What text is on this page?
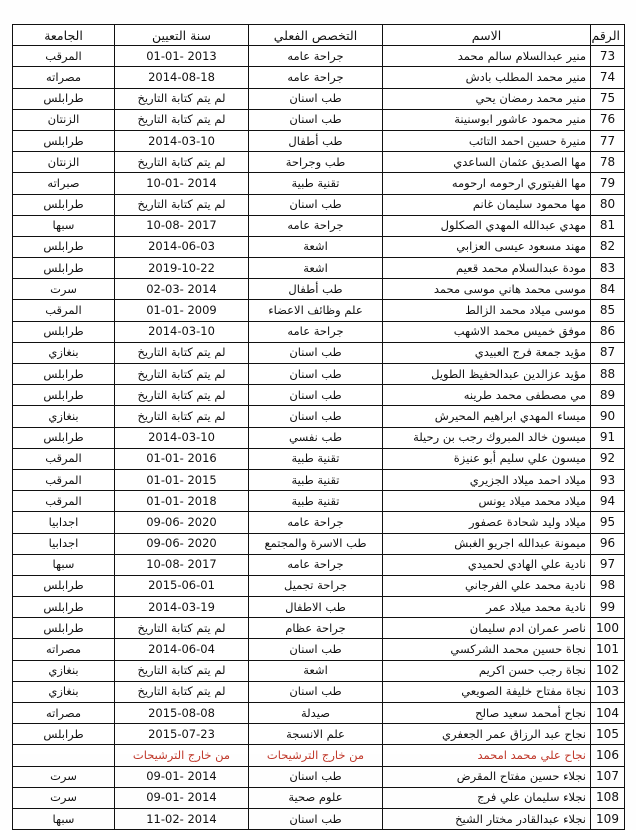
الرقم	الاسم	التخصص الفعلي	سنة التعيين	الجامعة
73	منير عبدالسلام سالم محمد	جراحة عامه	2013 -01-01	المرقب
74	منير محمد المطلب بادش	جراحة عامه	2014-08-18	مصراته
75	منير محمد رمضان يحي	طب اسنان	لم يتم كتابة التاريخ	طرابلس
76	منير محمود عاشور ابوسنينة	طب اسنان	لم يتم كتابة التاريخ	الزنتان
77	منيرة حسين احمد التائب	طب أطفال	2014-03-10	طرابلس
78	مها الصديق عثمان الساعدي	طب وجراحة	لم يتم كتابة التاريخ	الزنتان
79	مها الفيتوري ارحومه ارحومه	تقنية طبية	2014 -10-01	صبراته
80	مها محمود سليمان غانم	طب اسنان	لم يتم كتابة التاريخ	طرابلس
81	مهدي عبدالله المهدي الصكلول	جراحة عامه	2017 -10-08	سبها
82	مهند مسعود عيسى العزابي	اشعة	2014-06-03	طرابلس
83	مودة عبدالسلام محمد قعيم	اشعة	2019-10-22	طرابلس
84	موسى محمد هاني موسى محمد	طب أطفال	2014 -02-03	سرت
85	موسى ميلاد محمد الزالط	علم وظائف الاعضاء	2009 -01-01	المرقب
86	موفق خميس محمد الاشهب	جراحة عامه	2014-03-10	طرابلس
87	مؤيد جمعة فرج العبيدي	طب اسنان	لم يتم كتابة التاريخ	بنغازي
88	مؤيد عزالدين عبدالحفيظ الطويل	طب اسنان	لم يتم كتابة التاريخ	طرابلس
89	مي مصطفى محمد طرينه	طب اسنان	لم يتم كتابة التاريخ	طرابلس
90	ميساء المهدي ابراهيم المحيرش	طب اسنان	لم يتم كتابة التاريخ	بنغازي
91	ميسون خالد المبروك رجب بن رحيلة	طب نفسي	2014-03-10	طرابلس
92	ميسون علي سليم أبو عنيزة	تقنية طبية	2016 -01-01	المرقب
93	ميلاد احمد ميلاد الجزيري	تقنية طبية	2015 -01-01	المرقب
94	ميلاد محمد ميلاد يونس	تقنية طبية	2018 -01-01	المرقب
95	ميلاد وليد شحادة عصفور	جراحة عامه	2020 -09-06	اجدابيا
96	ميمونة عبدالله اجريو الغبش	طب الاسرة والمجتمع	2020 -09-06	اجدابيا
97	نادية علي الهادي لحميدي	جراحة عامه	2017 -10-08	سبها
98	نادية محمد علي الفرجاني	جراحة تجميل	2015-06-01	طرابلس
99	نادية محمد ميلاد عمر	طب الاطفال	2014-03-19	طرابلس
100	ناصر عمران ادم سليمان	جراحة عظام	لم يتم كتابة التاريخ	طرابلس
101	نجاة حسين محمد الشركسي	طب اسنان	2014-06-04	مصراته
102	نجاة رجب حسن اكريم	اشعة	لم يتم كتابة التاريخ	بنغازي
103	نجاة مفتاح خليفة الصويعي	طب اسنان	لم يتم كتابة التاريخ	بنغازي
104	نجاح أمحمد سعيد صالح	صيدلة	2015-08-08	مصراته
105	نجاح عبد الرزاق عمر الجعفري	علم الانسجة	2015-07-23	طرابلس
106	نجاح علي محمد امحمد	من خارج الترشيحات	من خارج الترشيحات	
107	نجلاء حسين مفتاح المقرض	طب اسنان	2014 -09-01	سرت
108	نجلاء سليمان علي فرج	علوم صحية	2014 -09-01	سرت
109	نجلاء عبدالقادر مختار الشيخ	طب اسنان	2014 -11-02	سبها
